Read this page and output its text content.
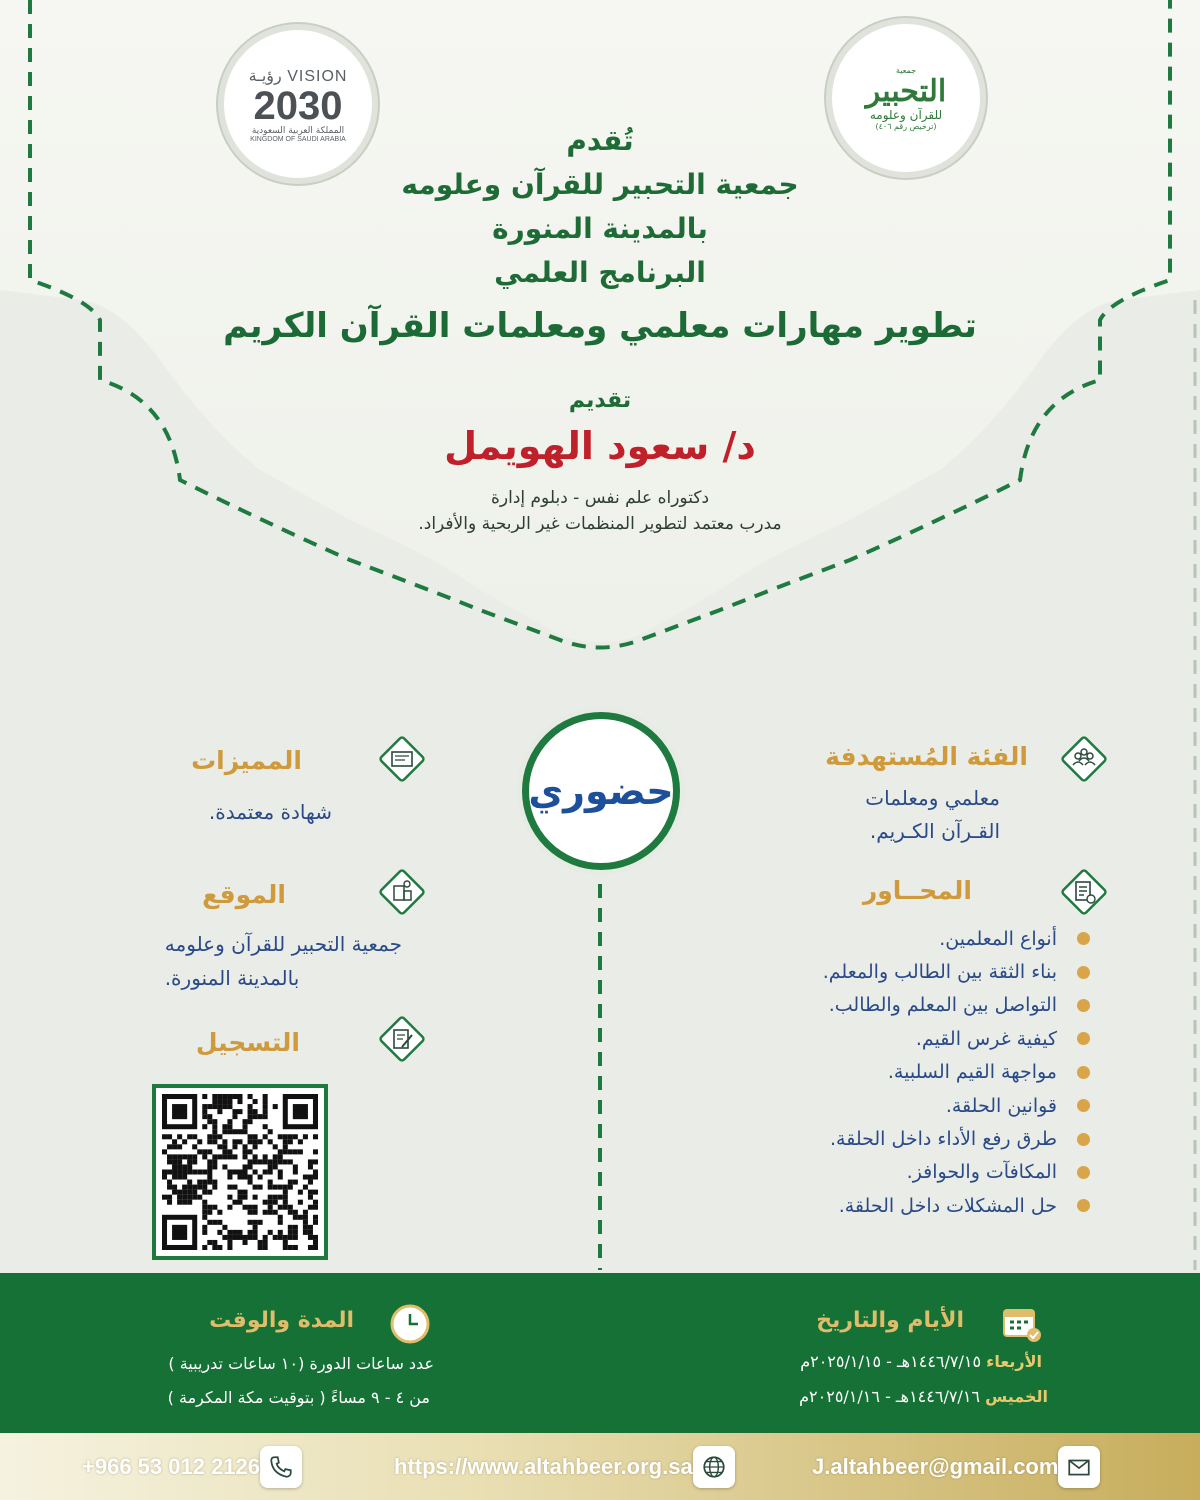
VISION رؤيـة
2030
المملكة العربية السعودية
KINGDOM OF SAUDI ARABIA
جمعية
التحبير
للقرآن وعلومه
(ترخيص رقم ٤٠٦)
تُقدم
جمعية التحبير للقرآن وعلومه
بالمدينة المنورة
البرنامج العلمي
تطوير مهارات معلمي ومعلمات القرآن الكريم
تقديم
د/ سعود الهويمل
دكتوراه علم نفس - دبلوم إدارة
مدرب معتمد لتطوير المنظمات غير الربحية والأفراد.
حضوري
الفئة المُستهدفة
معلمي ومعلمات
القـرآن الكـريم.
المحــاور
أنواع المعلمين.
بناء الثقة بين الطالب والمعلم.
التواصل بين المعلم والطالب.
كيفية غرس القيم.
مواجهة القيم السلبية.
قوانين الحلقة.
طرق رفع الأداء داخل الحلقة.
المكافآت والحوافز.
حل المشكلات داخل الحلقة.
المميزات
شهادة معتمدة.
الموقع
جمعية التحبير للقرآن وعلومه
بالمدينة المنورة.
التسجيل
الأيام والتاريخ
الأربعاء ١٤٤٦/٧/١٥هـ - ٢٠٢٥/١/١٥م
الخميس ١٤٤٦/٧/١٦هـ - ٢٠٢٥/١/١٦م
المدة والوقت
عدد ساعات الدورة (١٠ ساعات تدريبية )
من ٤ - ٩ مساءً ( بتوقيت مكة المكرمة )
+966 53 012 2126	https://www.altahbeer.org.sa	J.altahbeer@gmail.com
